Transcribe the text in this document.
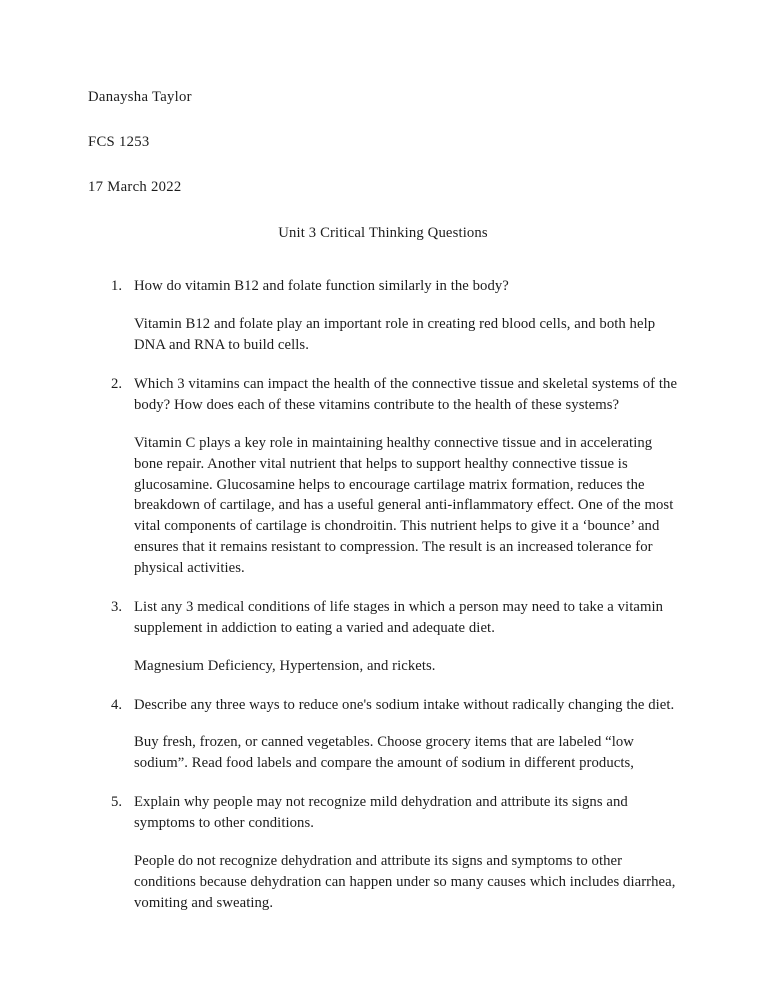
Danaysha Taylor

FCS 1253

17 March 2022

Unit 3 Critical Thinking Questions
1. How do vitamin B12 and folate function similarly in the body?

Vitamin B12 and folate play an important role in creating red blood cells, and both help DNA and RNA to build cells.

2. Which 3 vitamins can impact the health of the connective tissue and skeletal systems of the body? How does each of these vitamins contribute to the health of these systems?

Vitamin C plays a key role in maintaining healthy connective tissue and in accelerating bone repair. Another vital nutrient that helps to support healthy connective tissue is glucosamine. Glucosamine helps to encourage cartilage matrix formation, reduces the breakdown of cartilage, and has a useful general anti-inflammatory effect. One of the most vital components of cartilage is chondroitin. This nutrient helps to give it a ‘bounce’ and ensures that it remains resistant to compression. The result is an increased tolerance for physical activities.

3. List any 3 medical conditions of life stages in which a person may need to take a vitamin supplement in addiction to eating a varied and adequate diet.

Magnesium Deficiency, Hypertension, and rickets.

4. Describe any three ways to reduce one's sodium intake without radically changing the diet.

Buy fresh, frozen, or canned vegetables. Choose grocery items that are labeled “low sodium”. Read food labels and compare the amount of sodium in different products,

5. Explain why people may not recognize mild dehydration and attribute its signs and symptoms to other conditions.

People do not recognize dehydration and attribute its signs and symptoms to other conditions because dehydration can happen under so many causes which includes diarrhea, vomiting and sweating.
